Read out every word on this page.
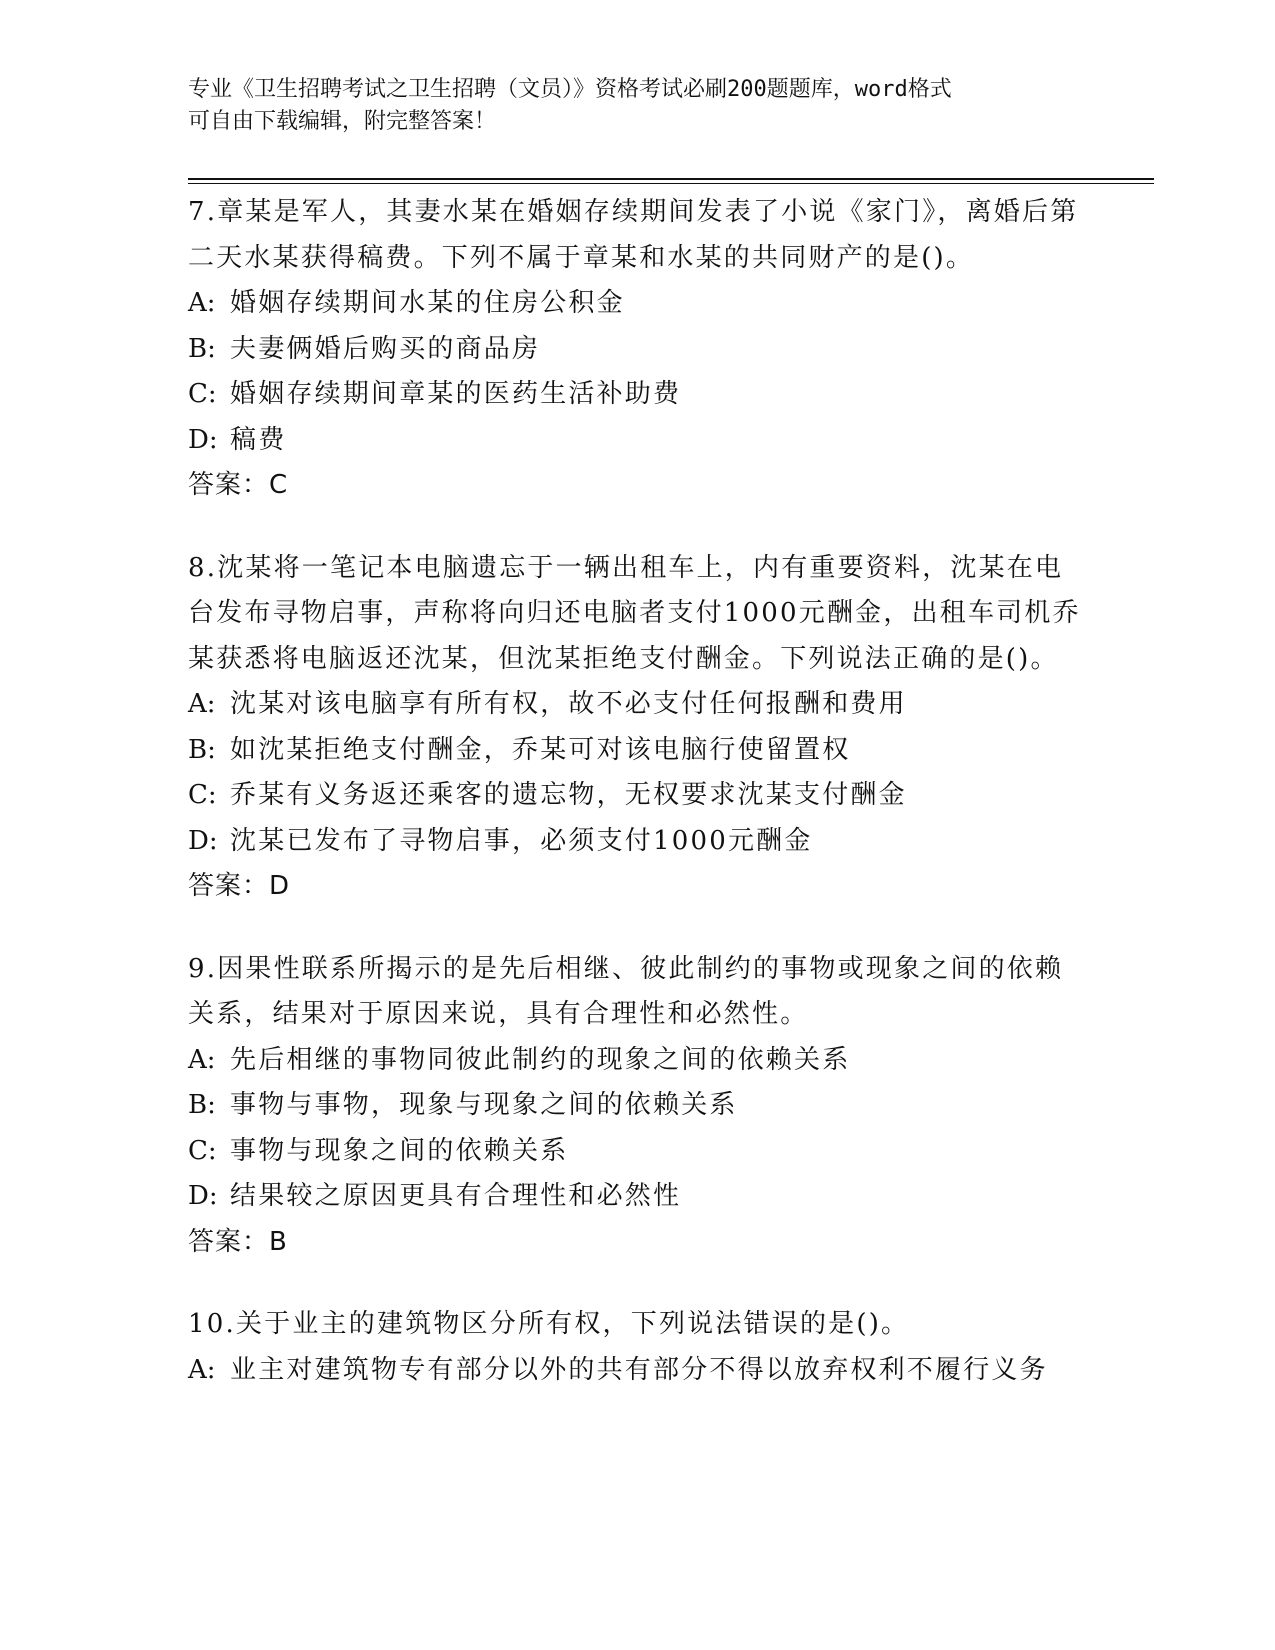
专业《卫生招聘考试之卫生招聘（文员）》资格考试必刷200题题库，word格式
可自由下载编辑，附完整答案！

7.章某是军人，其妻水某在婚姻存续期间发表了小说《家门》，离婚后第二天水某获得稿费。下列不属于章某和水某的共同财产的是()。

A: 婚姻存续期间水某的住房公积金
B: 夫妻俩婚后购买的商品房
C: 婚姻存续期间章某的医药生活补助费
D: 稿费
答案：C

8.沈某将一笔记本电脑遗忘于一辆出租车上，内有重要资料，沈某在电台发布寻物启事，声称将向归还电脑者支付1000元酬金，出租车司机乔某获悉将电脑返还沈某，但沈某拒绝支付酬金。下列说法正确的是()。

A: 沈某对该电脑享有所有权，故不必支付任何报酬和费用
B: 如沈某拒绝支付酬金，乔某可对该电脑行使留置权
C: 乔某有义务返还乘客的遗忘物，无权要求沈某支付酬金
D: 沈某已发布了寻物启事，必须支付1000元酬金
答案：D

9.因果性联系所揭示的是先后相继、彼此制约的事物或现象之间的依赖关系，结果对于原因来说，具有合理性和必然性。

A: 先后相继的事物同彼此制约的现象之间的依赖关系
B: 事物与事物，现象与现象之间的依赖关系
C: 事物与现象之间的依赖关系
D: 结果较之原因更具有合理性和必然性
答案：B

10.关于业主的建筑物区分所有权，下列说法错误的是()。

A: 业主对建筑物专有部分以外的共有部分不得以放弃权利不履行义务
